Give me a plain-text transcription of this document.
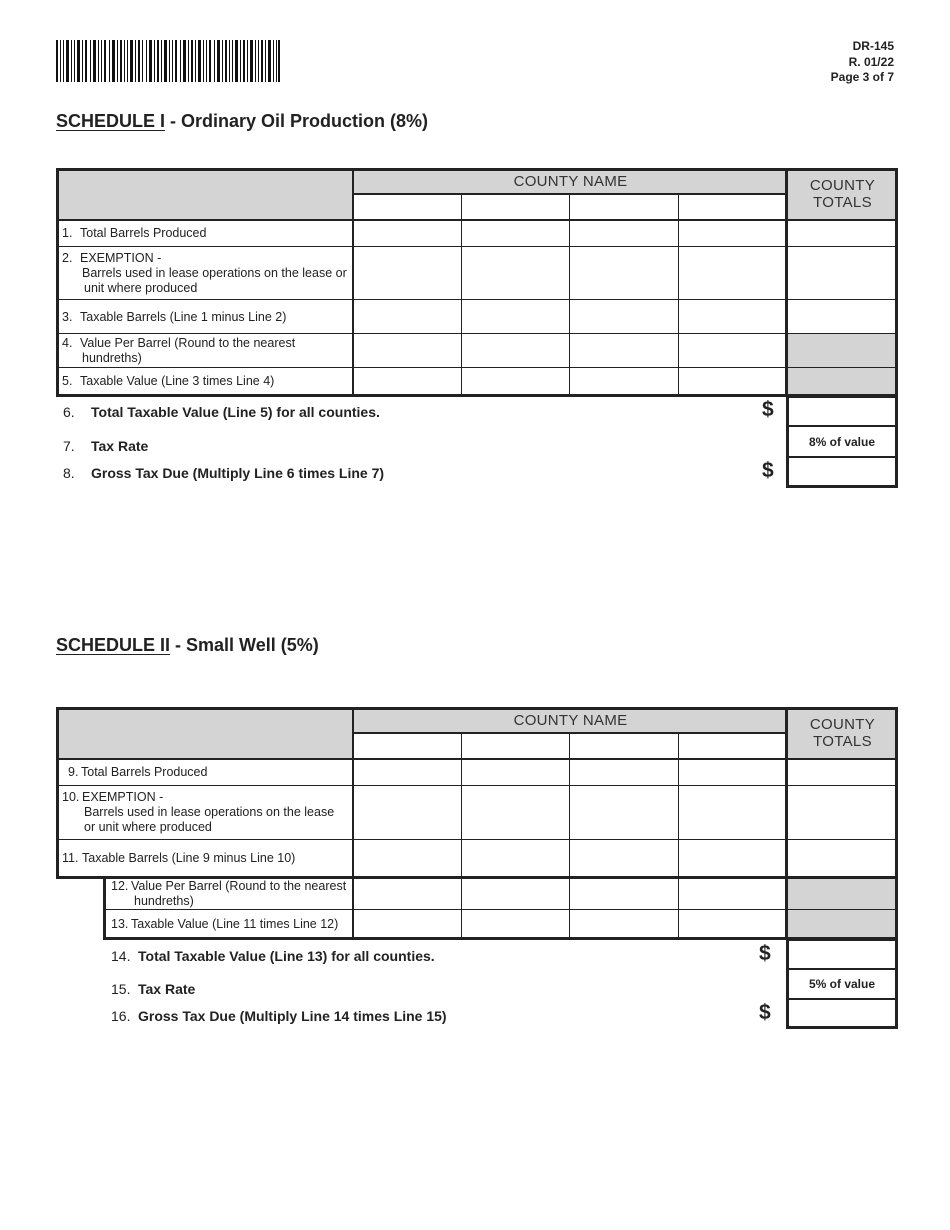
DR-145
R. 01/22
Page 3 of 7
SCHEDULE I - Ordinary Oil Production (8%)
COUNTY NAME	COUNTY
TOTALS
1. Total Barrels Produced
2. EXEMPTION -
Barrels used in lease operations on the lease or
unit where produced
3. Taxable Barrels (Line 1 minus Line 2)
4. Value Per Barrel (Round to the nearest
hundreths)
5. Taxable Value (Line 3 times Line 4)
6. Total Taxable Value (Line 5) for all counties.	$
7. Tax Rate	8% of value
8. Gross Tax Due (Multiply Line 6 times Line 7)	$
SCHEDULE II - Small Well (5%)
COUNTY NAME	COUNTY
TOTALS
9. Total Barrels Produced
10. EXEMPTION -
Barrels used in lease operations on the lease
or unit where produced
11. Taxable Barrels (Line 9 minus Line 10)
12. Value Per Barrel (Round to the nearest
hundreths)
13. Taxable Value (Line 11 times Line 12)
14. Total Taxable Value (Line 13) for all counties.	$
15. Tax Rate	5% of value
16. Gross Tax Due (Multiply Line 14 times Line 15)	$
